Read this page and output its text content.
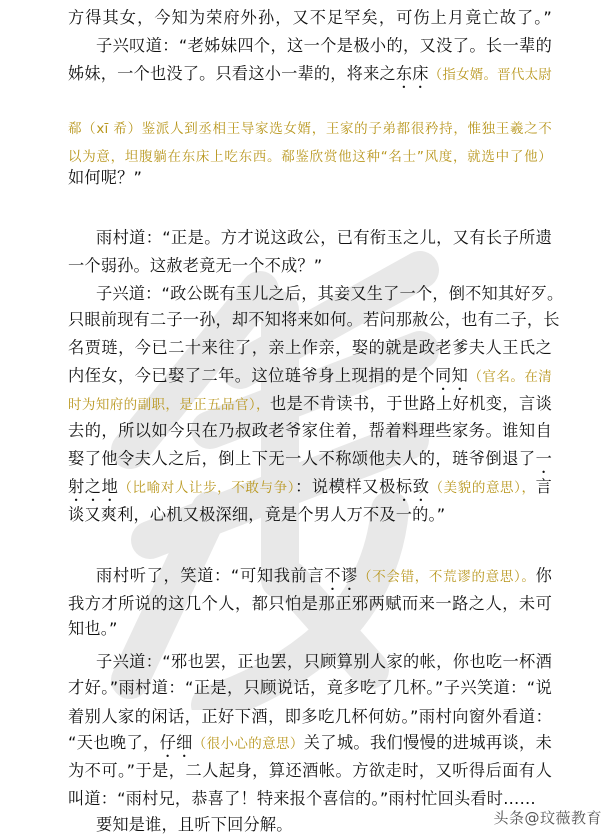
方得其女，今知为荣府外孙，又不足罕矣，可伤上月竟亡故了。”
子兴叹道：“老姊妹四个，这一个是极小的，又没了。长一辈的
姊妹，一个也没了。只看这小一辈的，将来之东床（指女婿。晋代太尉
郗（xī 希）鉴派人到丞相王导家选女婿，王家的子弟都很矜持，惟独王羲之不
以为意，坦腹躺在东床上吃东西。郗鉴欣赏他这种“名士”风度，就选中了他）
如何呢？”
雨村道：“正是。方才说这政公，已有衔玉之儿，又有长子所遗
一个弱孙。这赦老竟无一个不成？”
子兴道：“政公既有玉儿之后，其妾又生了一个，倒不知其好歹。
只眼前现有二子一孙，却不知将来如何。若问那赦公，也有二子，长
名贾琏，今已二十来往了，亲上作亲，娶的就是政老爹夫人王氏之
内侄女，今已娶了二年。这位琏爷身上现捐的是个同知（官名。在清
时为知府的副职，是正五品官），也是不肯读书，于世路上好机变，言谈
去的，所以如今只在乃叔政老爷家住着，帮着料理些家务。谁知自
娶了他令夫人之后，倒上下无一人不称颂他夫人的，琏爷倒退了一
射之地（比喻对人让步，不敢与争）：说模样又极标致（美貌的意思），言
谈又爽利，心机又极深细，竟是个男人万不及一的。”
雨村听了，笑道：“可知我前言不谬（不会错，不荒谬的意思）。你
我方才所说的这几个人，都只怕是那正邪两赋而来一路之人，未可
知也。”
子兴道：“邪也罢，正也罢，只顾算别人家的帐，你也吃一杯酒
才好。”雨村道：“正是，只顾说话，竟多吃了几杯。”子兴笑道：“说
着别人家的闲话，正好下酒，即多吃几杯何妨。”雨村向窗外看道：
“天也晚了，仔细（很小心的意思）关了城。我们慢慢的进城再谈，未
为不可。”于是，二人起身，算还酒帐。方欲走时，又听得后面有人
叫道：“雨村兄，恭喜了！特来报个喜信的。”雨村忙回头看时……
要知是谁，且听下回分解。	头条@玟薇教育
